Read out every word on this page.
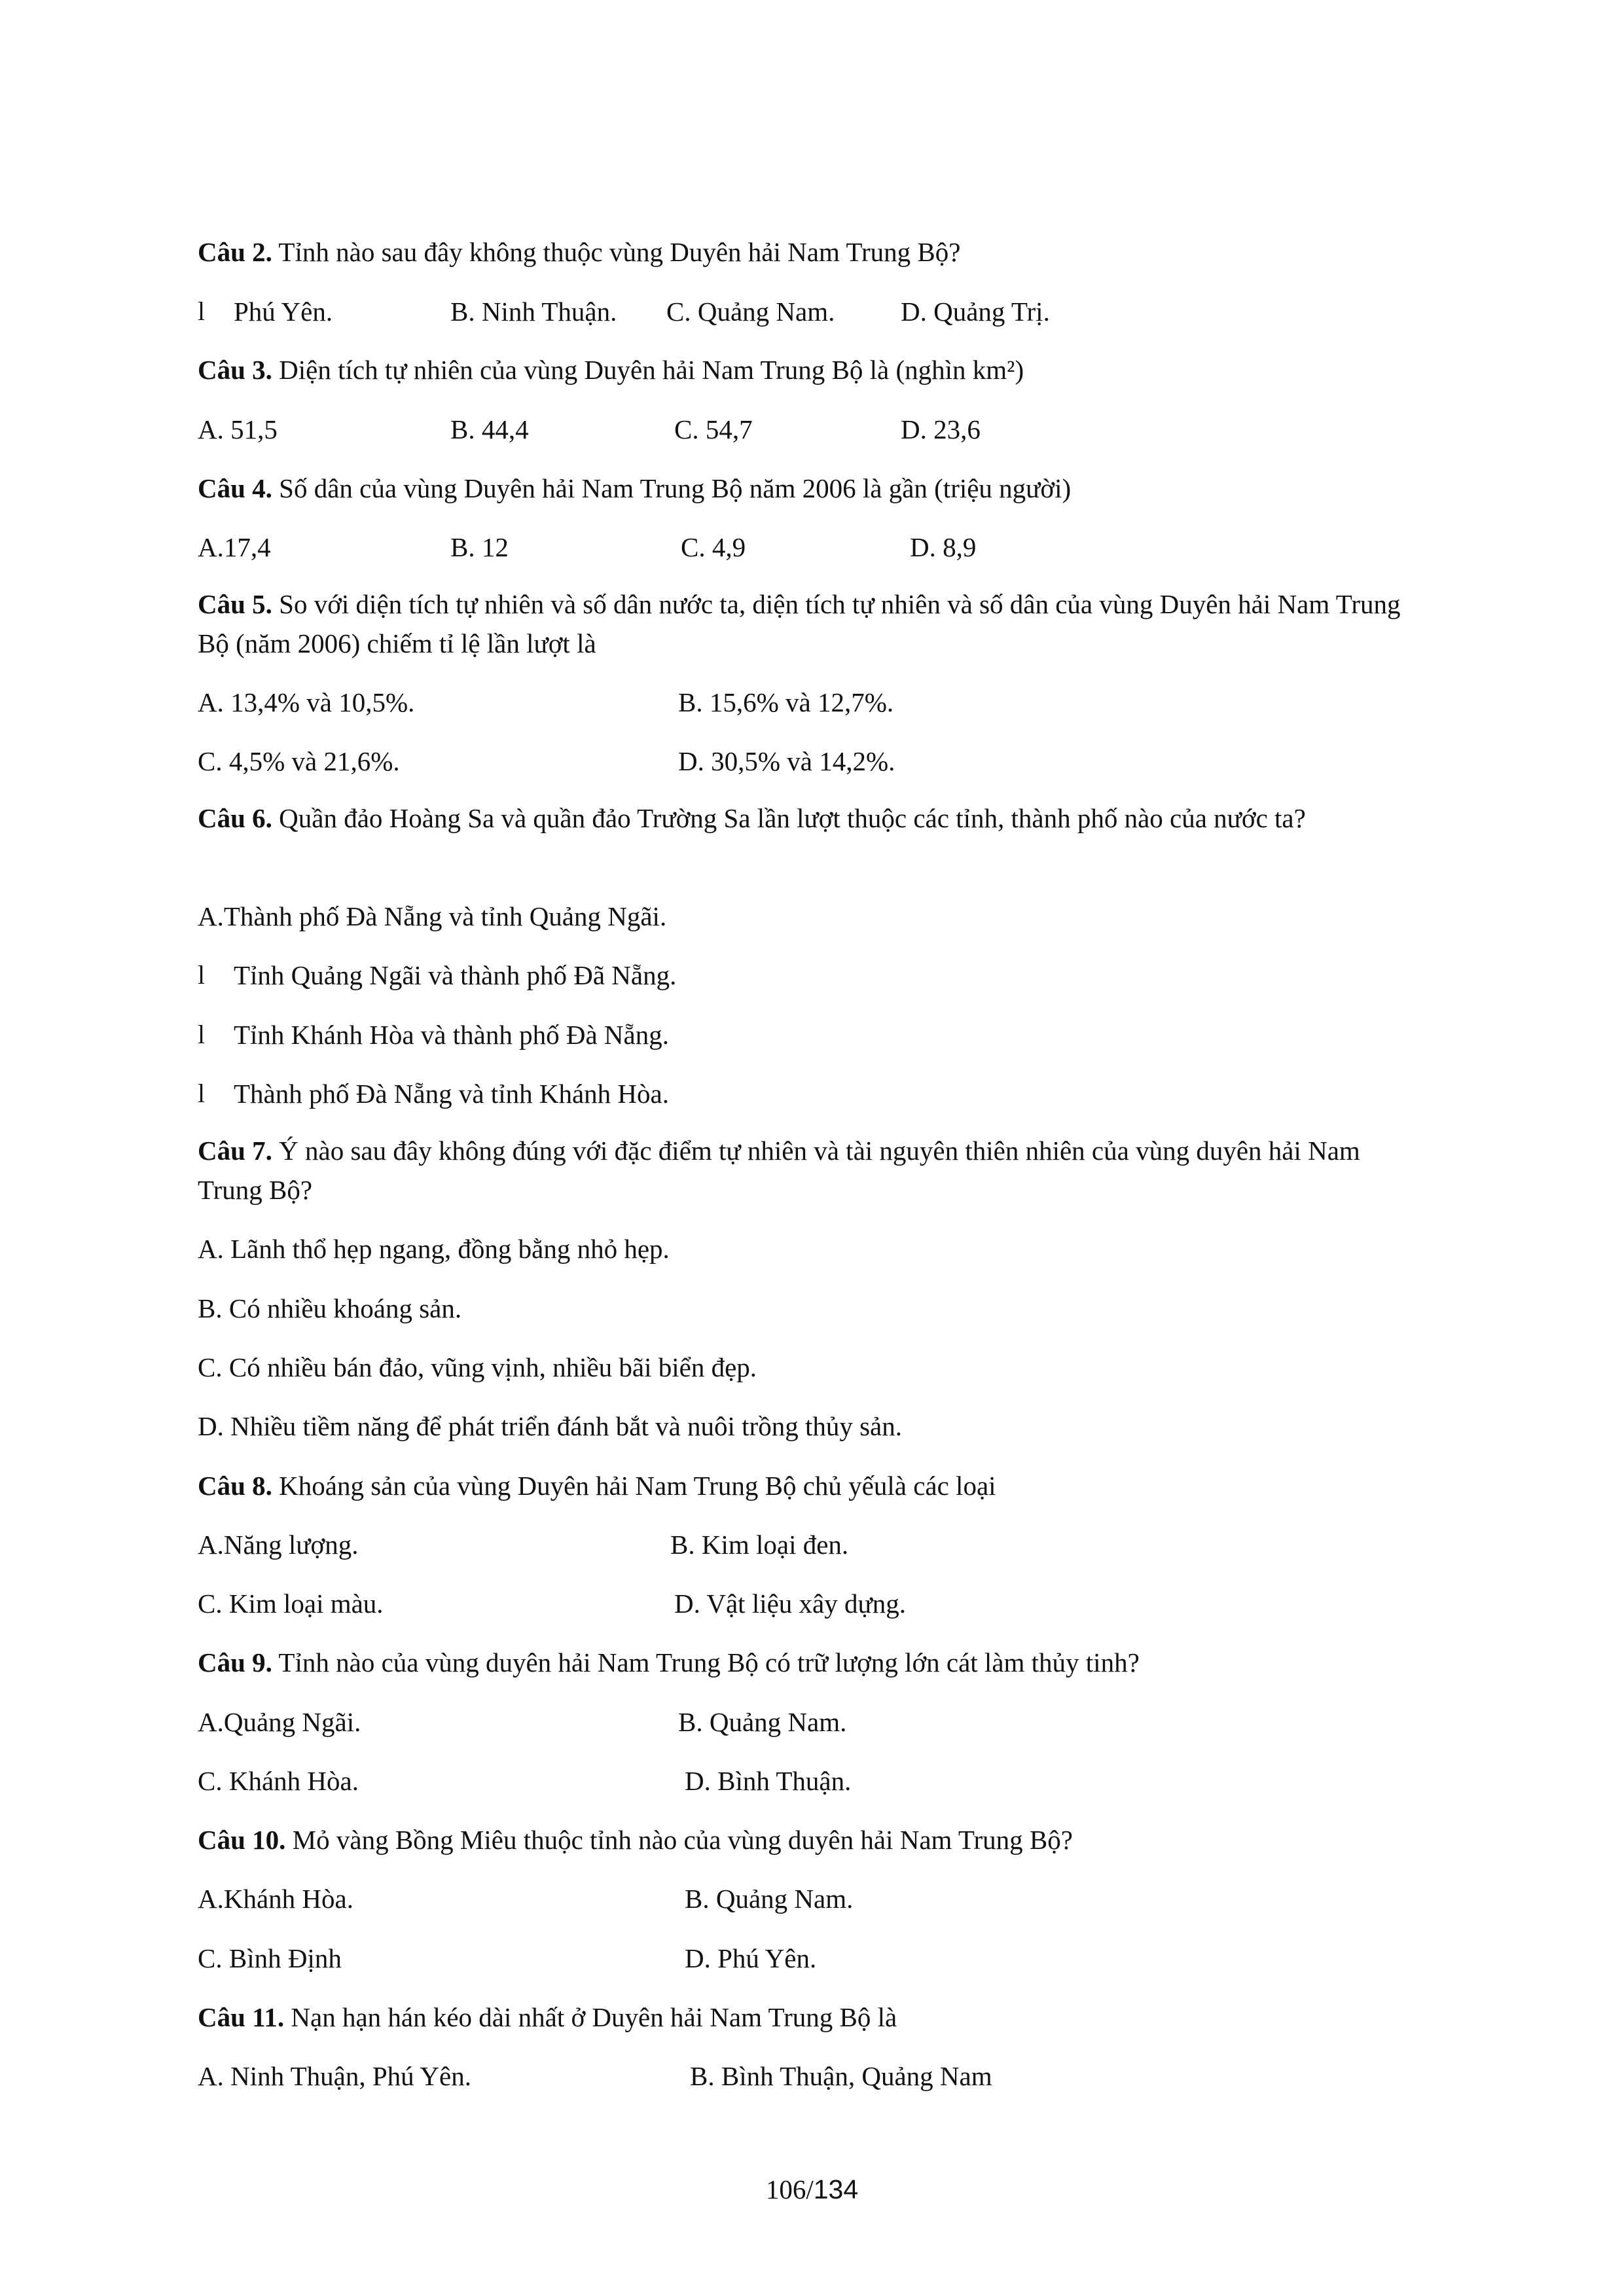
Câu 2. Tỉnh nào sau đây không thuộc vùng Duyên hải Nam Trung Bộ?
l Phú Yên.	B. Ninh Thuận. C. Quảng Nam. D. Quảng Trị.
Câu 3. Diện tích tự nhiên của vùng Duyên hải Nam Trung Bộ là (nghìn km²)
A. 51,5	B. 44,4	C. 54,7	D. 23,6
Câu 4. Số dân của vùng Duyên hải Nam Trung Bộ năm 2006 là gần (triệu người)
A.17,4	B. 12	C. 4,9	D. 8,9
Câu 5. So với diện tích tự nhiên và số dân nước ta, diện tích tự nhiên và số dân của vùng Duyên hải Nam Trung Bộ (năm 2006) chiếm tỉ lệ lần lượt là
A. 13,4% và 10,5%.	B. 15,6% và 12,7%.
C. 4,5% và 21,6%.	D. 30,5% và 14,2%.
Câu 6. Quần đảo Hoàng Sa và quần đảo Trường Sa lần lượt thuộc các tỉnh, thành phố nào của nước ta?
A.Thành phố Đà Nẵng và tỉnh Quảng Ngãi.
l Tỉnh Quảng Ngãi và thành phố Đã Nẵng.
l Tỉnh Khánh Hòa và thành phố Đà Nẵng.
l Thành phố Đà Nẵng và tỉnh Khánh Hòa.
Câu 7. Ý nào sau đây không đúng với đặc điểm tự nhiên và tài nguyên thiên nhiên của vùng duyên hải Nam Trung Bộ?
A. Lãnh thổ hẹp ngang, đồng bằng nhỏ hẹp.
B. Có nhiều khoáng sản.
C. Có nhiều bán đảo, vũng vịnh, nhiều bãi biển đẹp.
D. Nhiều tiềm năng để phát triển đánh bắt và nuôi trồng thủy sản.
Câu 8. Khoáng sản của vùng Duyên hải Nam Trung Bộ chủ yếulà các loại
A.Năng lượng.	B. Kim loại đen.
C. Kim loại màu.	D. Vật liệu xây dựng.
Câu 9. Tỉnh nào của vùng duyên hải Nam Trung Bộ có trữ lượng lớn cát làm thủy tinh?
A.Quảng Ngãi.	B. Quảng Nam.
C. Khánh Hòa.	D. Bình Thuận.
Câu 10. Mỏ vàng Bồng Miêu thuộc tỉnh nào của vùng duyên hải Nam Trung Bộ?
A.Khánh Hòa.	B. Quảng Nam.
C. Bình Định	D. Phú Yên.
Câu 11. Nạn hạn hán kéo dài nhất ở Duyên hải Nam Trung Bộ là
A. Ninh Thuận, Phú Yên.	B. Bình Thuận, Quảng Nam
106/134
